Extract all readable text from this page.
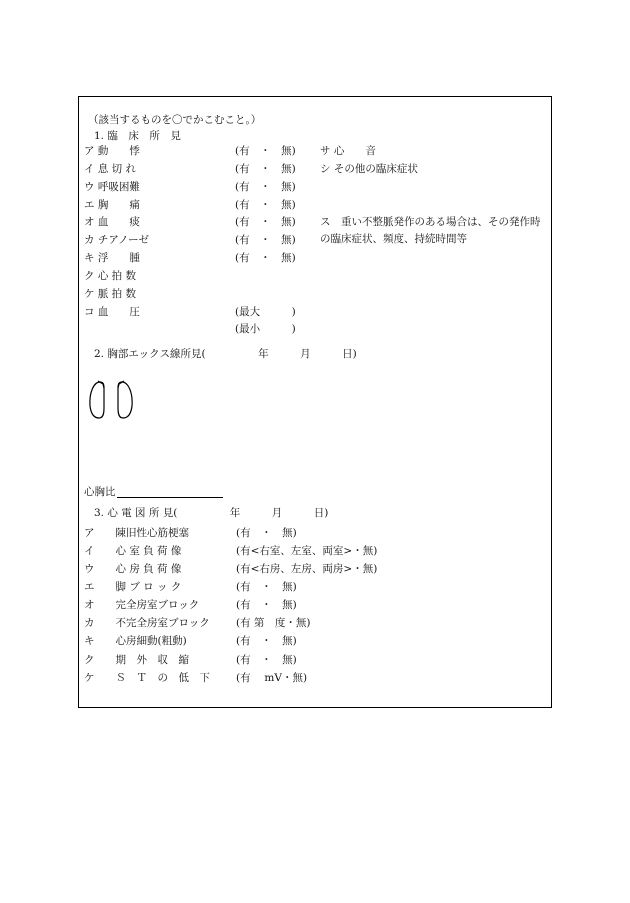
（該当するものを〇でかこむこと。）
1. 臨　床　所　見
ア 動　　悸	(有　・　無)
イ 息 切 れ	(有　・　無)
ウ 呼吸困難	(有　・　無)
エ 胸　　痛	(有　・　無)
オ 血　　痰	(有　・　無)
カ チアノーゼ	(有　・　無)
キ 浮　　腫	(有　・　無)
ク 心 拍 数
ケ 脈 拍 数
コ 血　　圧	(最大　　　)
(最小　　　)
サ 心　　音
シ その他の臨床症状
ス　重い不整脈発作のある場合は、その発作時
の臨床症状、頻度、持続時間等
2. 胸部エックス線所見(　　　　　年　　　月　　　日)
心胸比
3. 心 電 図 所 見(　　　　　年　　　月　　　日)
ア　　陳旧性心筋梗塞	(有　・　無)
イ　　心 室 負 荷 像	(有<右室、左室、両室>・無)
ウ　　心 房 負 荷 像	(有<右房、左房、両房>・無)
エ　　脚 ブ ロ ッ ク	(有　・　無)
オ　　完全房室ブロック	(有　・　無)
カ　　不完全房室ブロック (有 第　度・無)
キ　　心房細動(粗動)	(有　・　無)
ク　　期　外　収　縮	(有　・　無)
ケ　　Ｓ　Ｔ　の　低　下 (有　 mV・無)
